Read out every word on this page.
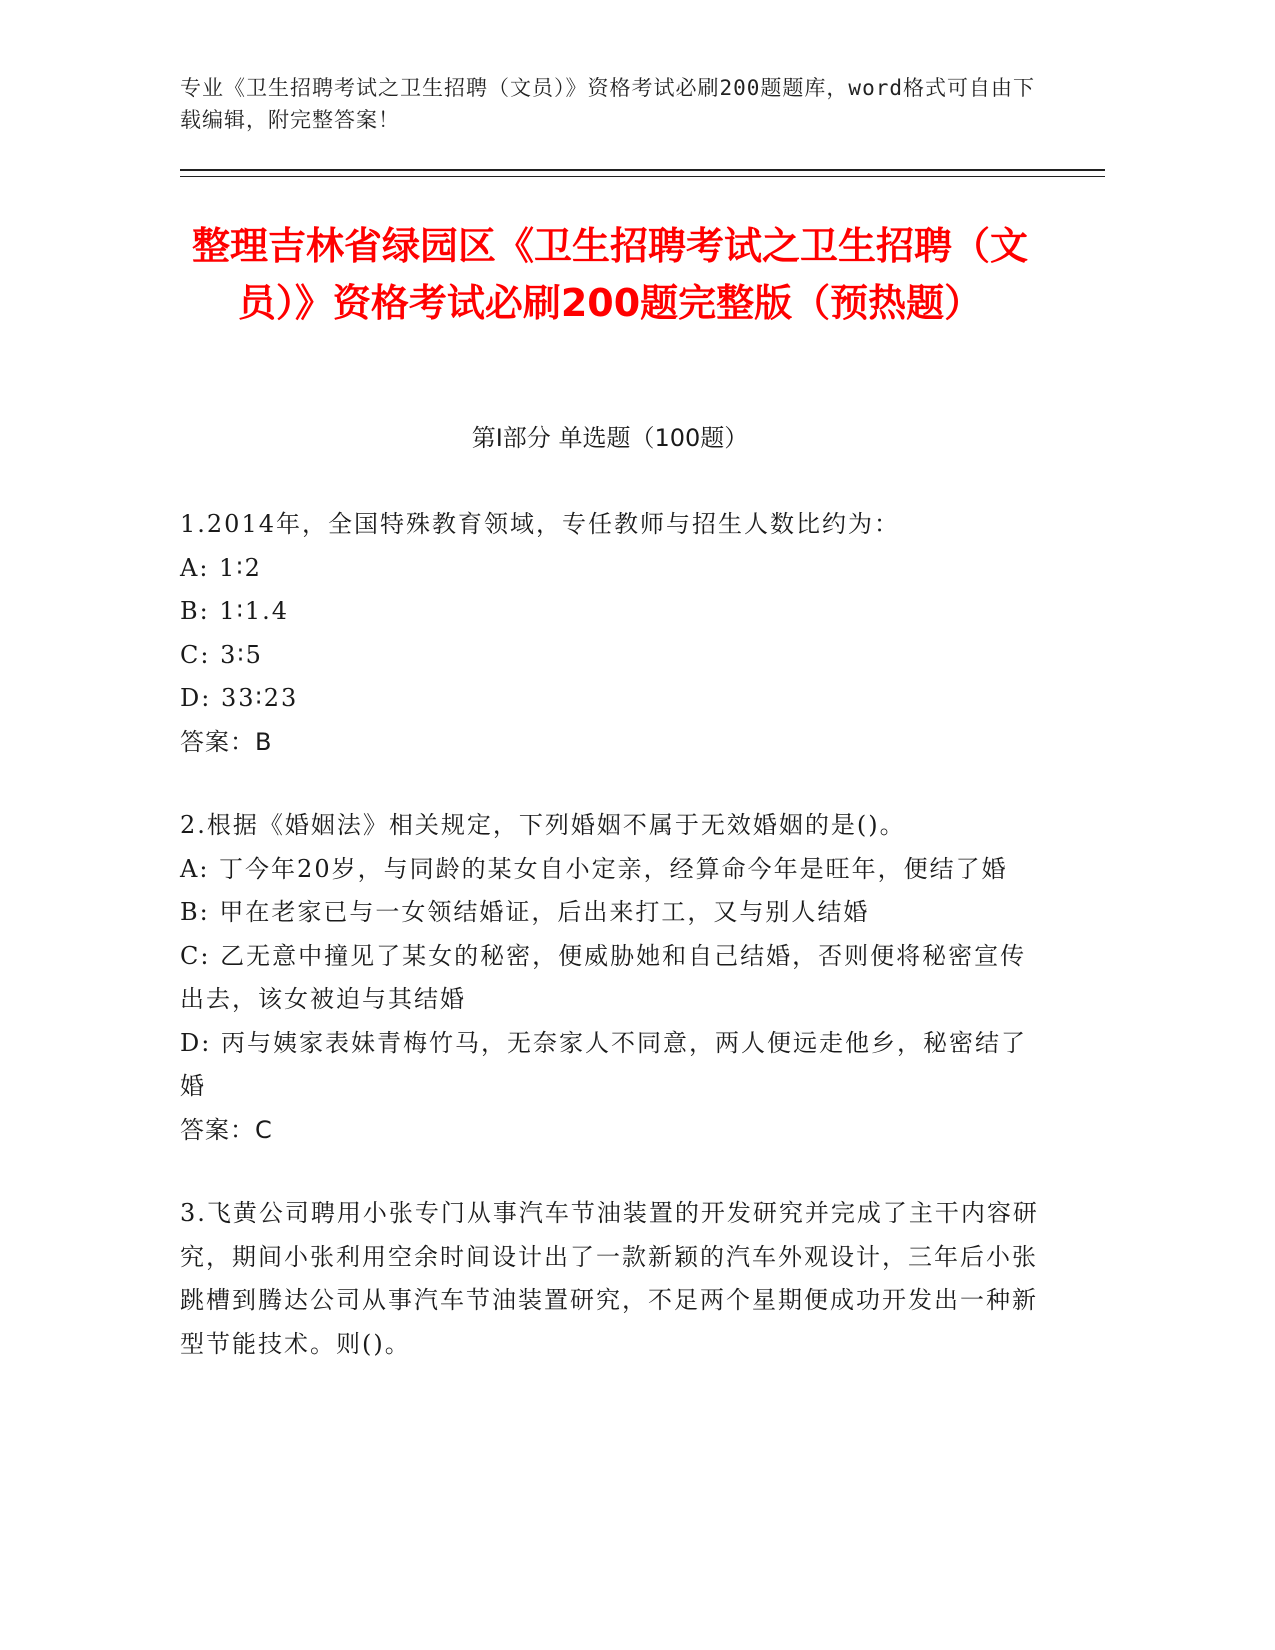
专业《卫生招聘考试之卫生招聘（文员）》资格考试必刷200题题库，word格式可自由下载编辑，附完整答案！
整理吉林省绿园区《卫生招聘考试之卫生招聘（文员）》资格考试必刷200题完整版（预热题）
第Ⅰ部分 单选题（100题）

1.2014年，全国特殊教育领域，专任教师与招生人数比约为：

A: 1∶2

B: 1∶1.4

C: 3∶5

D: 33∶23

答案：B

2.根据《婚姻法》相关规定，下列婚姻不属于无效婚姻的是()。

A: 丁今年20岁，与同龄的某女自小定亲，经算命今年是旺年，便结了婚

B: 甲在老家已与一女领结婚证，后出来打工，又与别人结婚

C: 乙无意中撞见了某女的秘密，便威胁她和自己结婚，否则便将秘密宣传出去，该女被迫与其结婚

D: 丙与姨家表妹青梅竹马，无奈家人不同意，两人便远走他乡，秘密结了婚

答案：C

3.飞黄公司聘用小张专门从事汽车节油装置的开发研究并完成了主干内容研究，期间小张利用空余时间设计出了一款新颖的汽车外观设计，三年后小张跳槽到腾达公司从事汽车节油装置研究，不足两个星期便成功开发出一种新型节能技术。则()。
